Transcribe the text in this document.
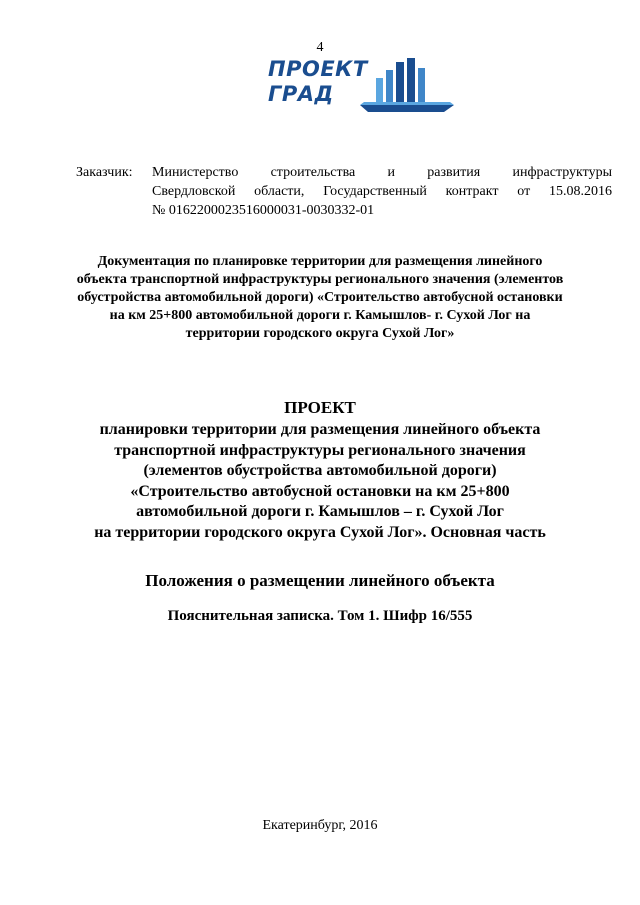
4
ПРОЕКТ
ГРАД
Заказчик: Министерство строительства и развития инфраструктуры
Свердловской области, Государственный контракт от 15.08.2016
№ 0162200023516000031-0030332-01
Документация по планировке территории для размещения линейного
объекта транспортной инфраструктуры регионального значения (элементов
обустройства автомобильной дороги) «Строительство автобусной остановки
на км 25+800 автомобильной дороги г. Камышлов- г. Сухой Лог на
территории городского округа Сухой Лог»
ПРОЕКТ
планировки территории для размещения линейного объекта
транспортной инфраструктуры регионального значения
(элементов обустройства автомобильной дороги)
«Строительство автобусной остановки на км 25+800
автомобильной дороги г. Камышлов – г. Сухой Лог
на территории городского округа Сухой Лог». Основная часть
Положения о размещении линейного объекта
Пояснительная записка. Том 1. Шифр 16/555
Екатеринбург, 2016
